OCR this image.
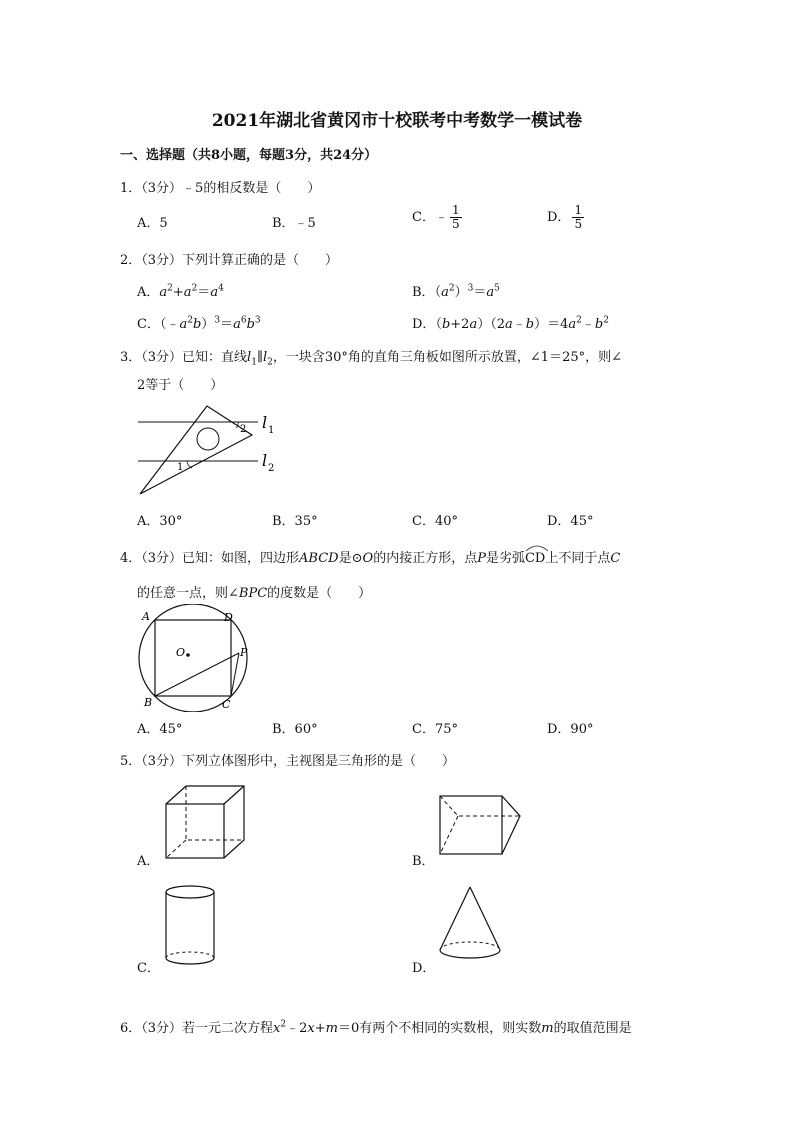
2021年湖北省黄冈市十校联考中考数学一模试卷
一、选择题（共8小题，每题3分，共24分）
1．（3分）﹣5的相反数是（　　）
A．5	B．﹣5	C．﹣ $\frac{1}{5}$	D． $\frac{1}{5}$
2．（3分）下列计算正确的是（　　）
A．$a^2+a^2=a^4$	B．$(a^2)^3=a^5$
C．$(﹣a^2b)^3=a^6b^3$	D．$(b+2a)(2a﹣b)=4a^2﹣b^2$
3．（3分）已知：直线$l_1\parallel l_2$，一块含30°角的直角三角板如图所示放置，∠1＝25°，则∠
2等于（　　）
1
2 l 1
l 2
A．30°	B．35°	C．40°	D．45°
4．（3分）已知：如图，四边形ABCD是⊙O的内接正方形，点P是劣弧
CD上不同于点C
的任意一点，则∠BPC的度数是（　　）
A	D
O	P
B	C
A．45°	B．60°	C．75°	D．90°
5．（3分）下列立体图形中，主视图是三角形的是（　　）
A．	B．
C．	D．
6．（3分）若一元二次方程$x^2﹣2x+m=0$有两个不相同的实数根，则实数m的取值范围是
